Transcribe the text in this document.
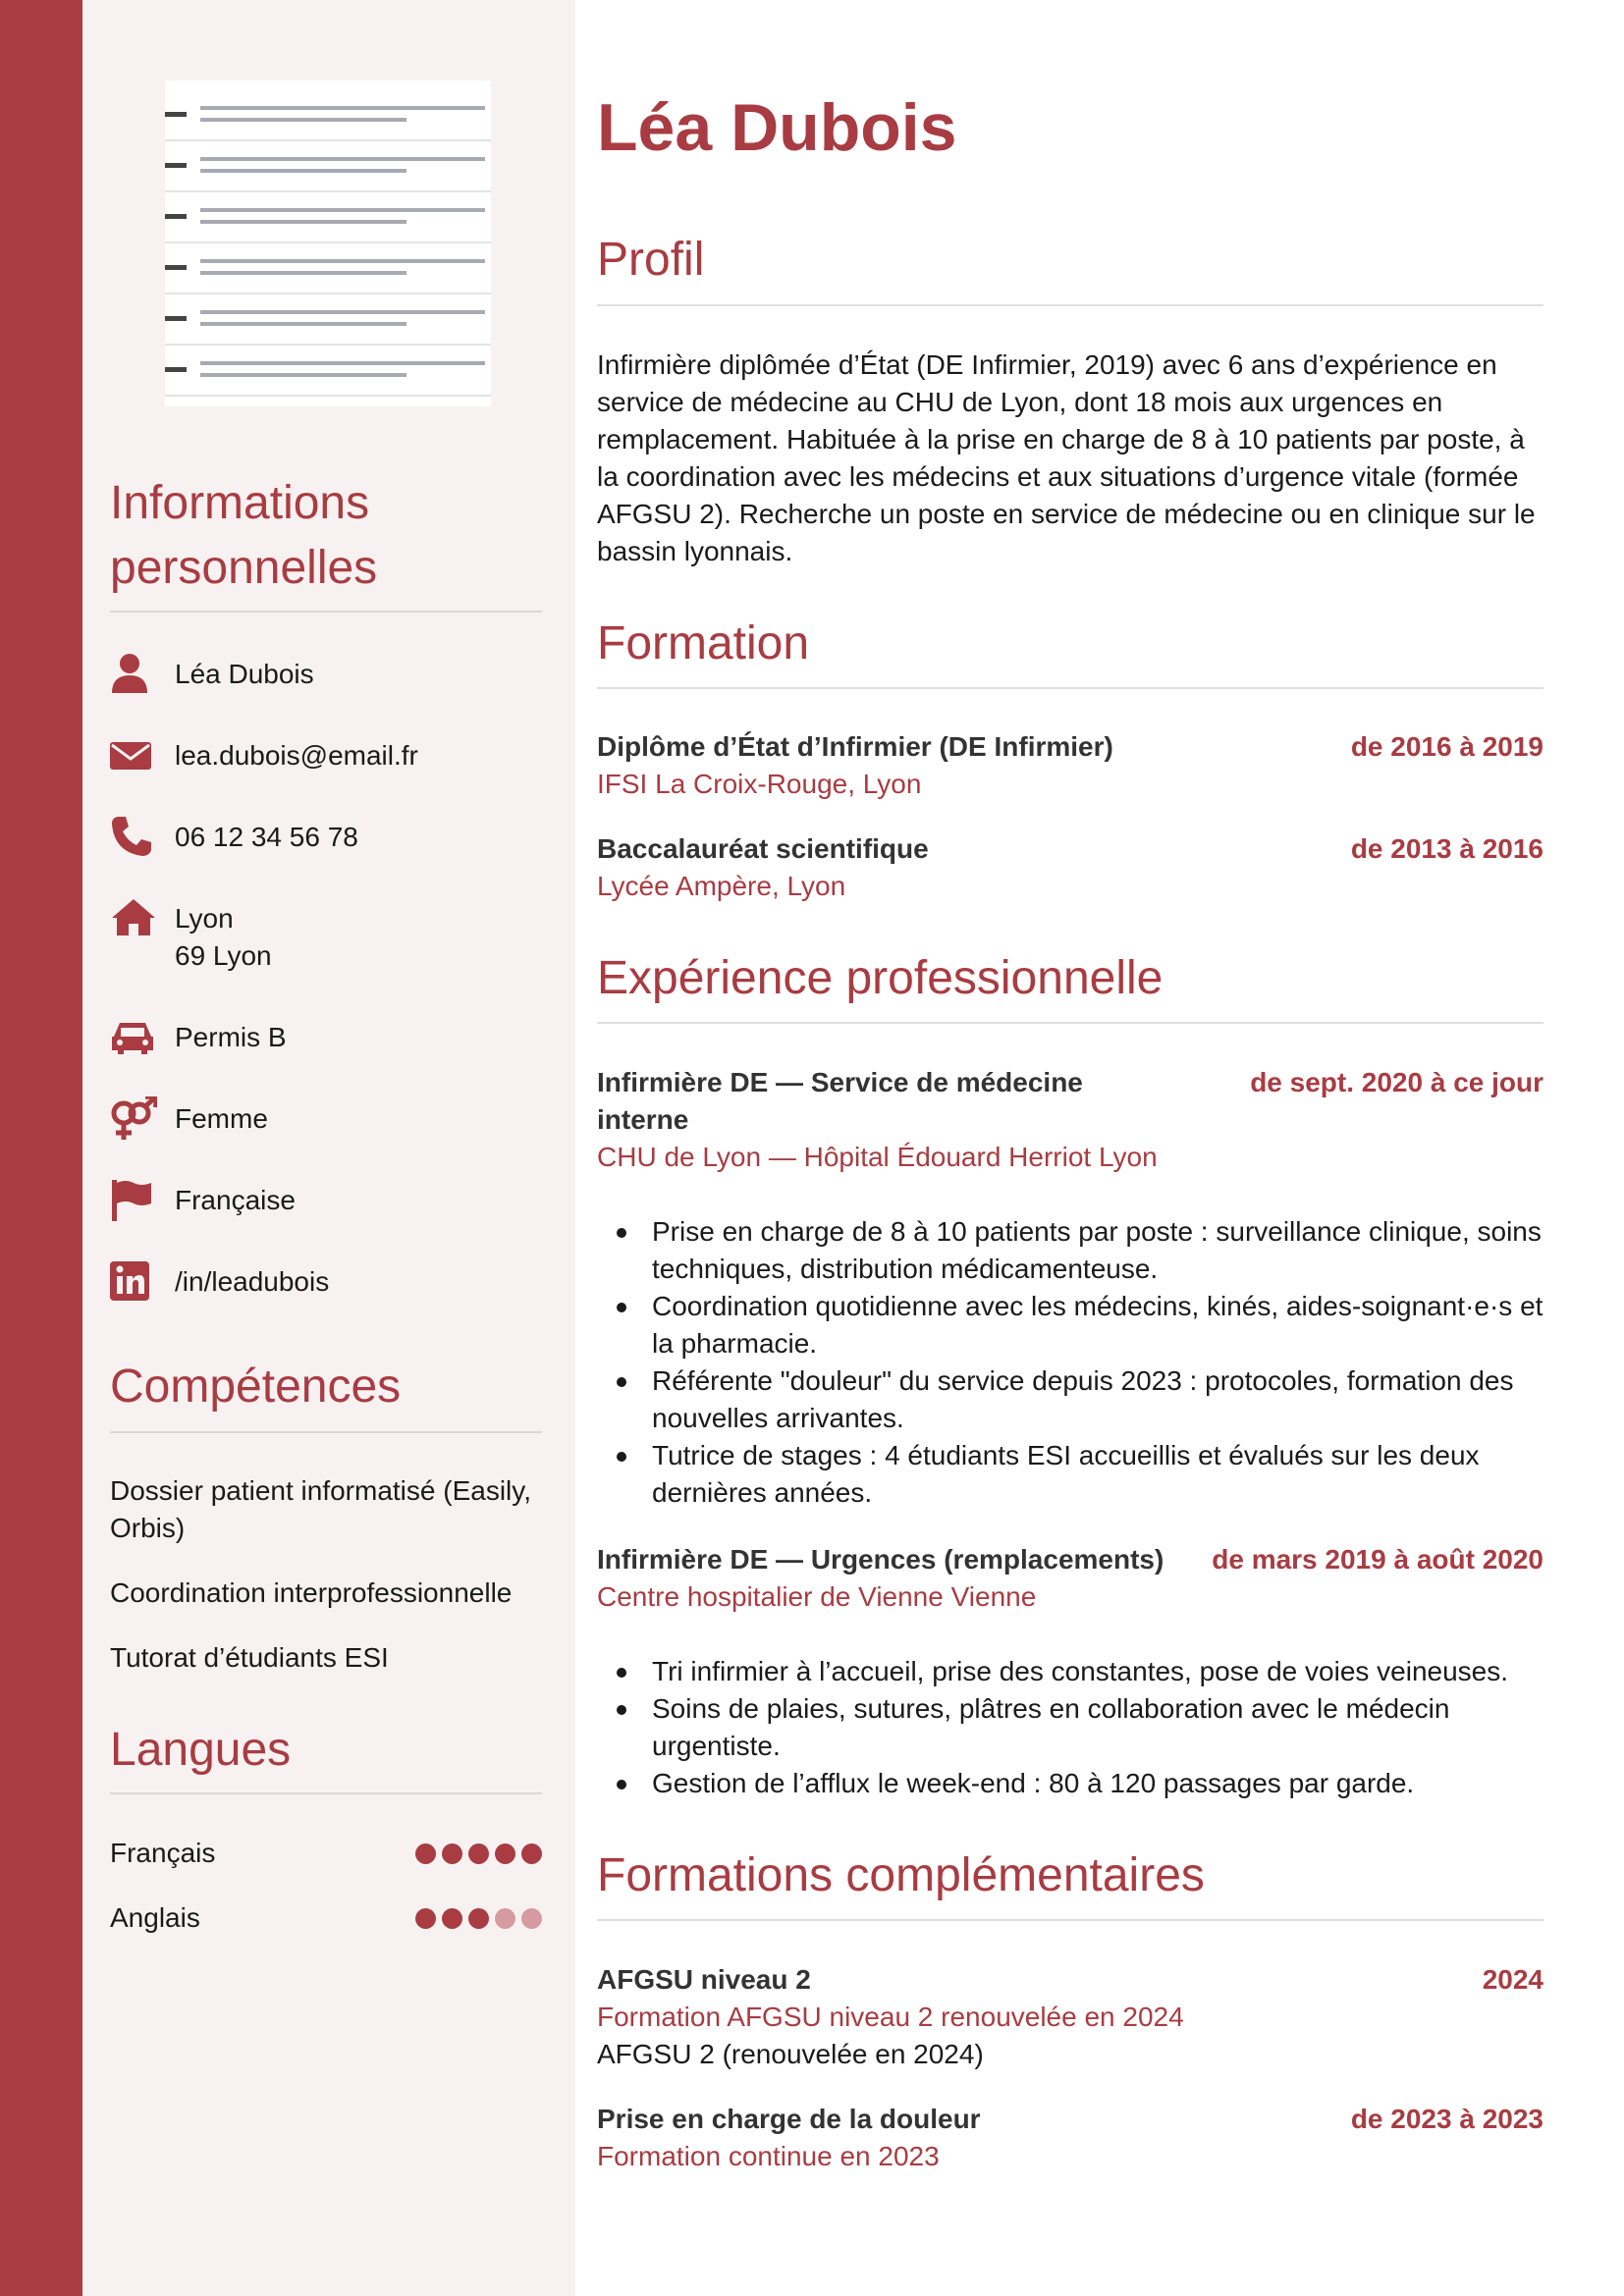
Informations
personnelles
Léa Dubois
lea.dubois@email.fr
06 12 34 56 78
Lyon
69 Lyon
Permis B
Femme
Française
/in/leadubois
Compétences
Dossier patient informatisé (Easily,
Orbis)
Coordination interprofessionnelle
Tutorat d’étudiants ESI
Langues
Français
Anglais
Léa Dubois
Profil
Infirmière diplômée d’État (DE Infirmier, 2019) avec 6 ans d’expérience en
service de médecine au CHU de Lyon, dont 18 mois aux urgences en
remplacement. Habituée à la prise en charge de 8 à 10 patients par poste, à
la coordination avec les médecins et aux situations d’urgence vitale (formée
AFGSU 2). Recherche un poste en service de médecine ou en clinique sur le
bassin lyonnais.
Formation
Diplôme d’État d’Infirmier (DE Infirmier)	de 2016 à 2019
IFSI La Croix-Rouge, Lyon
Baccalauréat scientifique	de 2013 à 2016
Lycée Ampère, Lyon
Expérience professionnelle
Infirmière DE — Service de médecine
interne
de sept. 2020 à ce jour
CHU de Lyon — Hôpital Édouard Herriot Lyon
Prise en charge de 8 à 10 patients par poste : surveillance clinique, soins
techniques, distribution médicamenteuse.
Coordination quotidienne avec les médecins, kinés, aides-soignant·e·s et
la pharmacie.
Référente "douleur" du service depuis 2023 : protocoles, formation des
nouvelles arrivantes.
Tutrice de stages : 4 étudiants ESI accueillis et évalués sur les deux
dernières années.
Infirmière DE — Urgences (remplacements) de mars 2019 à août 2020
Centre hospitalier de Vienne Vienne
Tri infirmier à l’accueil, prise des constantes, pose de voies veineuses.
Soins de plaies, sutures, plâtres en collaboration avec le médecin
urgentiste.
Gestion de l’afflux le week-end : 80 à 120 passages par garde.
Formations complémentaires
AFGSU niveau 2	2024
Formation AFGSU niveau 2 renouvelée en 2024
AFGSU 2 (renouvelée en 2024)
Prise en charge de la douleur	de 2023 à 2023
Formation continue en 2023
